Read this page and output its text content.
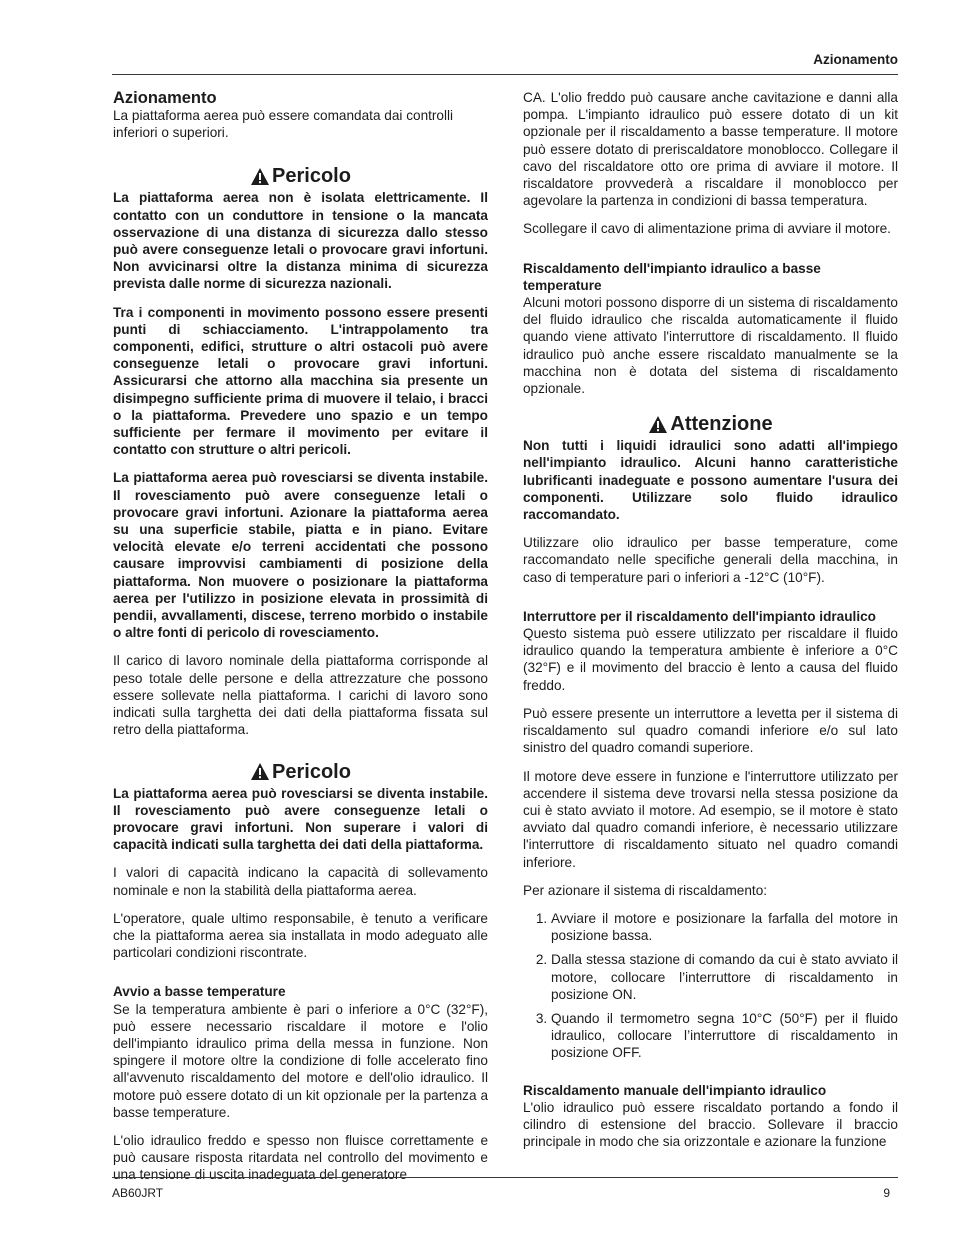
Azionamento
Azionamento

La piattaforma aerea può essere comandata dai controlli inferiori o superiori.

Pericolo

La piattaforma aerea non è isolata elettricamente. Il contatto con un conduttore in tensione o la mancata osservazione di una distanza di sicurezza dallo stesso può avere conseguenze letali o provocare gravi infortuni. Non avvicinarsi oltre la distanza minima di sicurezza prevista dalle norme di sicurezza nazionali.

Tra i componenti in movimento possono essere presenti punti di schiacciamento. L'intrappolamento tra componenti, edifici, strutture o altri ostacoli può avere conseguenze letali o provocare gravi infortuni. Assicurarsi che attorno alla macchina sia presente un disimpegno sufficiente prima di muovere il telaio, i bracci o la piattaforma. Prevedere uno spazio e un tempo sufficiente per fermare il movimento per evitare il contatto con strutture o altri pericoli.

La piattaforma aerea può rovesciarsi se diventa instabile. Il rovesciamento può avere conseguenze letali o provocare gravi infortuni. Azionare la piattaforma aerea su una superficie stabile, piatta e in piano. Evitare velocità elevate e/o terreni accidentati che possono causare improvvisi cambiamenti di posizione della piattaforma. Non muovere o posizionare la piattaforma aerea per l'utilizzo in posizione elevata in prossimità di pendii, avvallamenti, discese, terreno morbido o instabile o altre fonti di pericolo di rovesciamento.

Il carico di lavoro nominale della piattaforma corrisponde al peso totale delle persone e della attrezzature che possono essere sollevate nella piattaforma. I carichi di lavoro sono indicati sulla targhetta dei dati della piattaforma fissata sul retro della piattaforma.

Pericolo

La piattaforma aerea può rovesciarsi se diventa instabile. Il rovesciamento può avere conseguenze letali o provocare gravi infortuni. Non superare i valori di capacità indicati sulla targhetta dei dati della piattaforma.

I valori di capacità indicano la capacità di sollevamento nominale e non la stabilità della piattaforma aerea.

L'operatore, quale ultimo responsabile, è tenuto a verificare che la piattaforma aerea sia installata in modo adeguato alle particolari condizioni riscontrate.

Avvio a basse temperature

Se la temperatura ambiente è pari o inferiore a 0°C (32°F), può essere necessario riscaldare il motore e l'olio dell'impianto idraulico prima della messa in funzione. Non spingere il motore oltre la condizione di folle accelerato fino all'avvenuto riscaldamento del motore e dell'olio idraulico. Il motore può essere dotato di un kit opzionale per la partenza a basse temperature.

L'olio idraulico freddo e spesso non fluisce correttamente e può causare risposta ritardata nel controllo del movimento e una tensione di uscita inadeguata del generatore

CA. L'olio freddo può causare anche cavitazione e danni alla pompa. L'impianto idraulico può essere dotato di un kit opzionale per il riscaldamento a basse temperature. Il motore può essere dotato di preriscaldatore monoblocco. Collegare il cavo del riscaldatore otto ore prima di avviare il motore. Il riscaldatore provvederà a riscaldare il monoblocco per agevolare la partenza in condizioni di bassa temperatura.

Scollegare il cavo di alimentazione prima di avviare il motore.

Riscaldamento dell'impianto idraulico a basse temperature

Alcuni motori possono disporre di un sistema di riscaldamento del fluido idraulico che riscalda automaticamente il fluido quando viene attivato l'interruttore di riscaldamento. Il fluido idraulico può anche essere riscaldato manualmente se la macchina non è dotata del sistema di riscaldamento opzionale.

Attenzione

Non tutti i liquidi idraulici sono adatti all'impiego nell'impianto idraulico. Alcuni hanno caratteristiche lubrificanti inadeguate e possono aumentare l'usura dei componenti. Utilizzare solo fluido idraulico raccomandato.

Utilizzare olio idraulico per basse temperature, come raccomandato nelle specifiche generali della macchina, in caso di temperature pari o inferiori a -12°C (10°F).

Interruttore per il riscaldamento dell'impianto idraulico

Questo sistema può essere utilizzato per riscaldare il fluido idraulico quando la temperatura ambiente è inferiore a 0°C (32°F) e il movimento del braccio è lento a causa del fluido freddo.

Può essere presente un interruttore a levetta per il sistema di riscaldamento sul quadro comandi inferiore e/o sul lato sinistro del quadro comandi superiore.

Il motore deve essere in funzione e l'interruttore utilizzato per accendere il sistema deve trovarsi nella stessa posizione da cui è stato avviato il motore. Ad esempio, se il motore è stato avviato dal quadro comandi inferiore, è necessario utilizzare l'interruttore di riscaldamento situato nel quadro comandi inferiore.

Per azionare il sistema di riscaldamento:

1. Avviare il motore e posizionare la farfalla del motore in posizione bassa.
2. Dalla stessa stazione di comando da cui è stato avviato il motore, collocare l’interruttore di riscaldamento in posizione ON.
3. Quando il termometro segna 10°C (50°F) per il fluido idraulico, collocare l’interruttore di riscaldamento in posizione OFF.
Riscaldamento manuale dell'impianto idraulico

L'olio idraulico può essere riscaldato portando a fondo il cilindro di estensione del braccio. Sollevare il braccio principale in modo che sia orizzontale e azionare la funzione

AB60JRT	9
